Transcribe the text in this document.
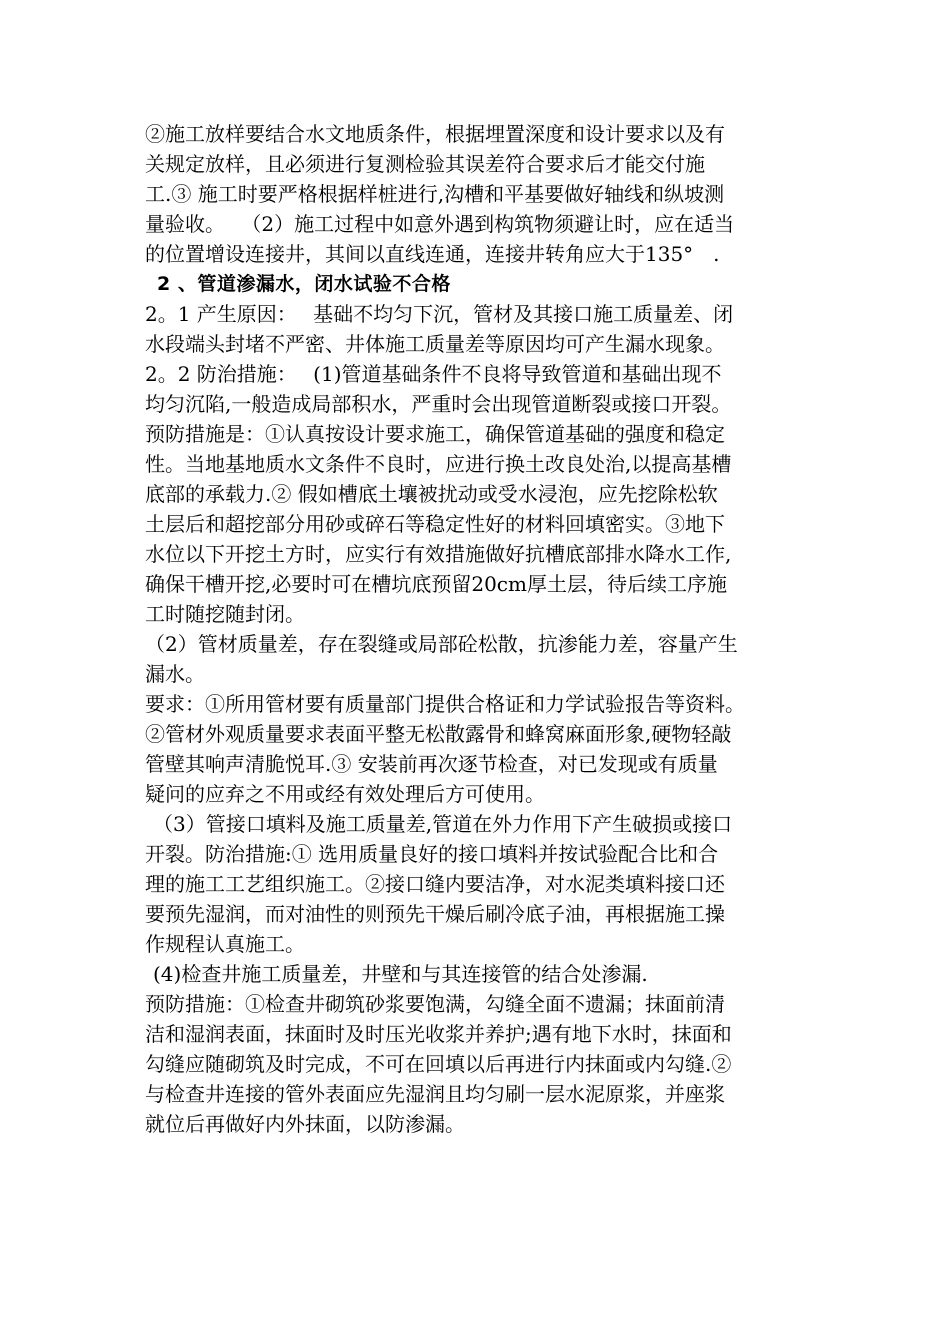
②施工放样要结合水文地质条件，根据埋置深度和设计要求以及有
关规定放样，且必须进行复测检验其误差符合要求后才能交付施
工.③ 施工时要严格根据样桩进行,沟槽和平基要做好轴线和纵坡测
量验收。　 （2）施工过程中如意外遇到构筑物须避让时，应在适当
的位置增设连接井，其间以直线连通，连接井转角应大于135°　.
2 、管道渗漏水，闭水试验不合格
2。1 产生原因：　 基础不均匀下沉，管材及其接口施工质量差、闭
水段端头封堵不严密、井体施工质量差等原因均可产生漏水现象。
2。2 防治措施：　 (1)管道基础条件不良将导致管道和基础出现不
均匀沉陷,一般造成局部积水，严重时会出现管道断裂或接口开裂。
预防措施是：①认真按设计要求施工，确保管道基础的强度和稳定
性。当地基地质水文条件不良时，应进行换土改良处治,以提高基槽
底部的承载力.② 假如槽底土壤被扰动或受水浸泡，应先挖除松软
土层后和超挖部分用砂或碎石等稳定性好的材料回填密实。③地下
水位以下开挖土方时，应实行有效措施做好抗槽底部排水降水工作,
确保干槽开挖,必要时可在槽坑底预留20cm厚土层，待后续工序施
工时随挖随封闭。
（2）管材质量差，存在裂缝或局部砼松散，抗渗能力差，容量产生
漏水。
要求：①所用管材要有质量部门提供合格证和力学试验报告等资料。
②管材外观质量要求表面平整无松散露骨和蜂窝麻面形象,硬物轻敲
管壁其响声清脆悦耳.③ 安装前再次逐节检查，对已发现或有质量
疑问的应弃之不用或经有效处理后方可使用。
（3）管接口填料及施工质量差,管道在外力作用下产生破损或接口
开裂。防治措施:① 选用质量良好的接口填料并按试验配合比和合
理的施工工艺组织施工。②接口缝内要洁净，对水泥类填料接口还
要预先湿润，而对油性的则预先干燥后刷冷底子油，再根据施工操
作规程认真施工。
(4)检查井施工质量差，井壁和与其连接管的结合处渗漏.
预防措施：①检查井砌筑砂浆要饱满，勾缝全面不遗漏；抹面前清
洁和湿润表面，抹面时及时压光收浆并养护;遇有地下水时，抹面和
勾缝应随砌筑及时完成，不可在回填以后再进行内抹面或内勾缝.②
与检查井连接的管外表面应先湿润且均匀刷一层水泥原浆，并座浆
就位后再做好内外抹面，以防渗漏。
